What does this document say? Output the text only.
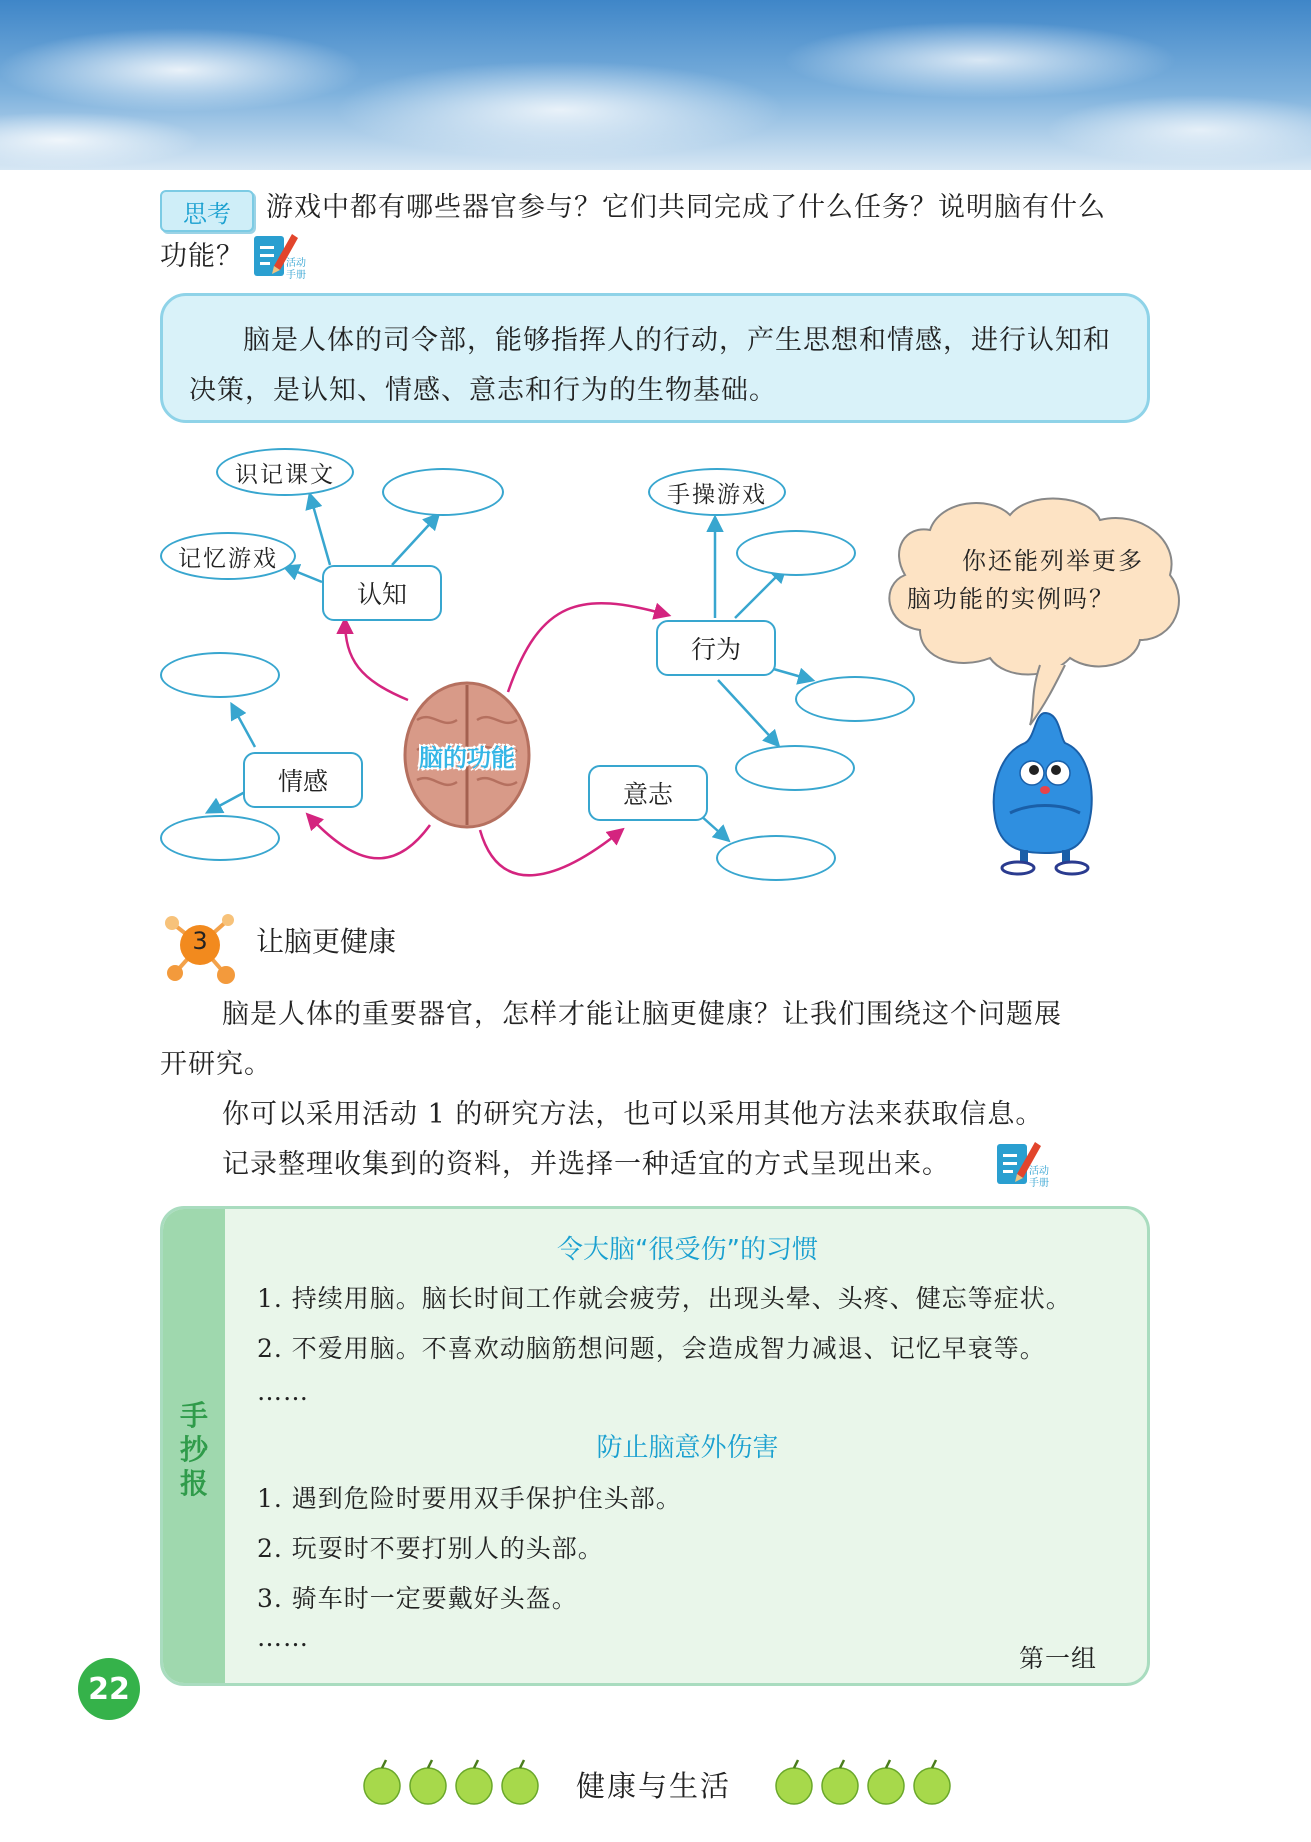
思考	游戏中都有哪些器官参与？它们共同完成了什么任务？说明脑有什么
功能？	活动
手册
脑是人体的司令部，能够指挥人的行动，产生思想和情感，进行认知和决策，是认知、情感、意志和行为的生物基础。
认知
识记课文
记忆游戏
行为
手操游戏
情感	意志
脑的功能
你还能列举更多
脑功能的实例吗？
3	让脑更健康
脑是人体的重要器官，怎样才能让脑更健康？让我们围绕这个问题展
开研究。
你可以采用活动 1 的研究方法，也可以采用其他方法来获取信息。
记录整理收集到的资料，并选择一种适宜的方式呈现出来。	活动
手册
手抄报
令大脑“很受伤”的习惯
1. 持续用脑。脑长时间工作就会疲劳，出现头晕、头疼、健忘等症状。
2. 不爱用脑。不喜欢动脑筋想问题，会造成智力减退、记忆早衰等。
……
防止脑意外伤害
1. 遇到危险时要用双手保护住头部。
2. 玩耍时不要打别人的头部。
3. 骑车时一定要戴好头盔。
……
第一组
22
健康与生活
